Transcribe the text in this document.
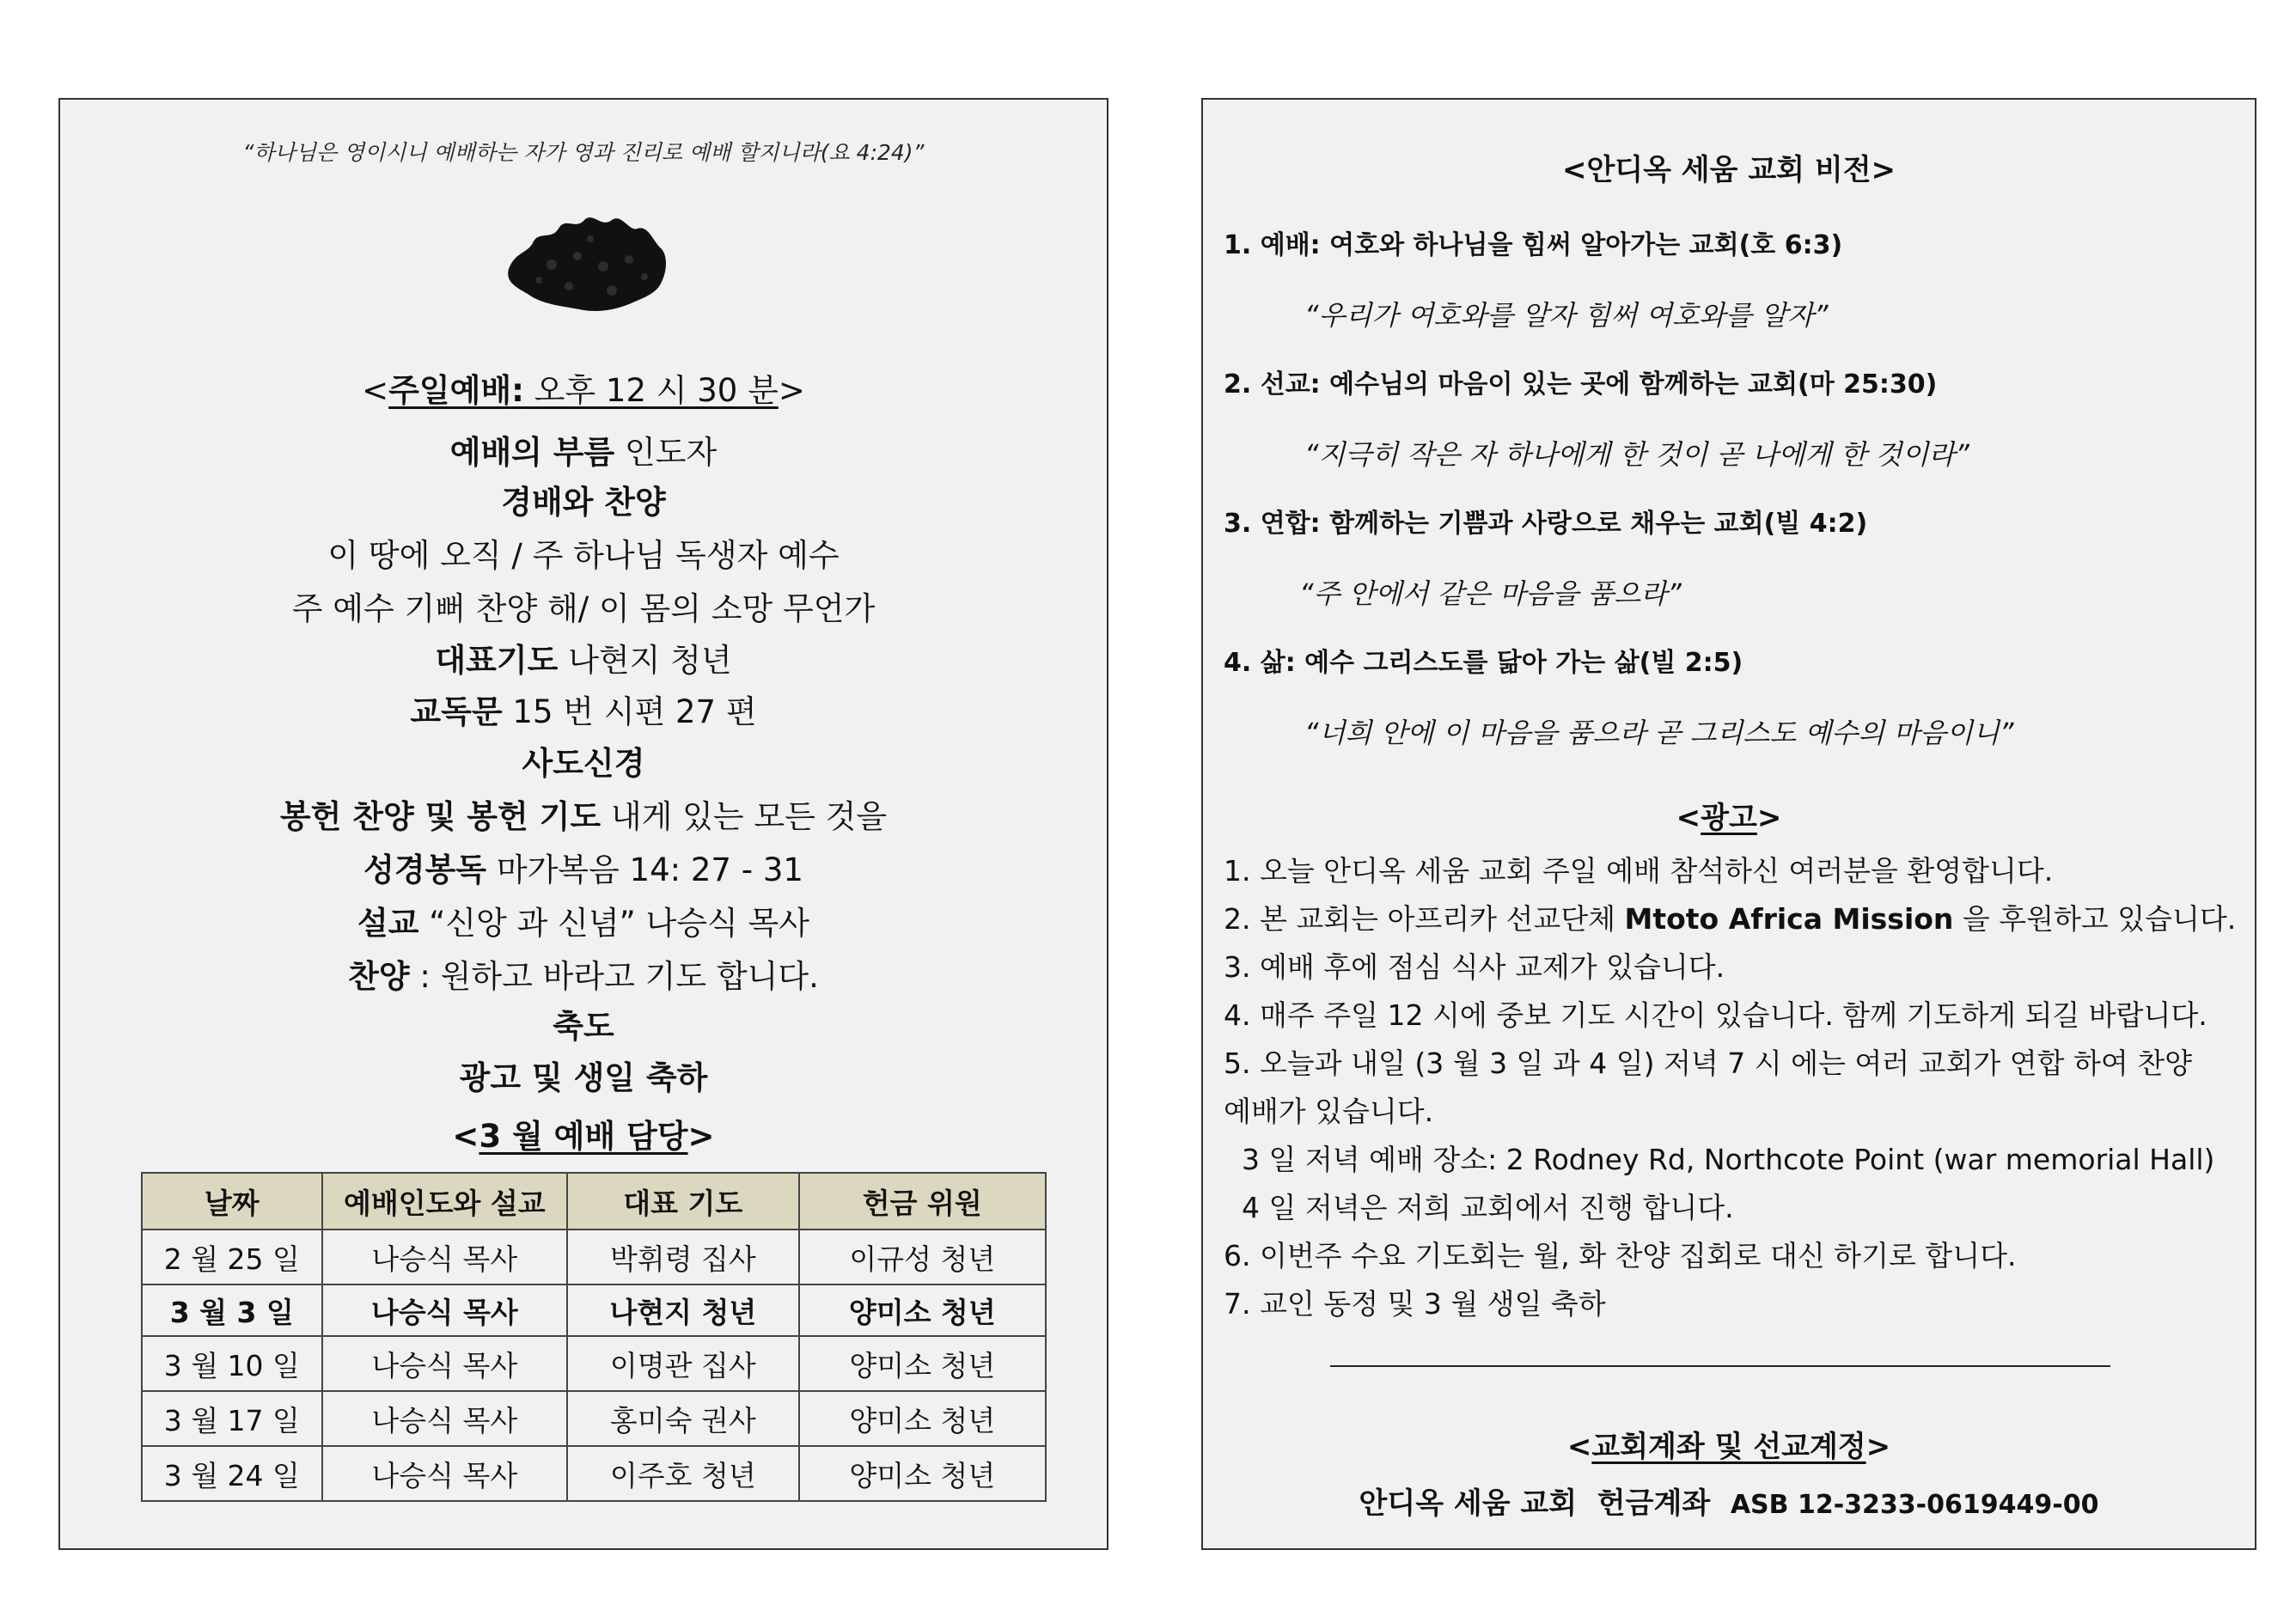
“하나님은 영이시니 예배하는 자가 영과 진리로 예배 할지니라(요 4:24)”
<주일예배: 오후 12 시 30 분>
예배의 부름 인도자
경배와 찬양
이 땅에 오직 / 주 하나님 독생자 예수
주 예수 기뻐 찬양 해/ 이 몸의 소망 무언가
대표기도 나현지 청년
교독문 15 번 시편 27 편
사도신경
봉헌 찬양 및 봉헌 기도 내게 있는 모든 것을
성경봉독 마가복음 14: 27 - 31
설교 “신앙 과 신념” 나승식 목사
찬양 : 원하고 바라고 기도 합니다.
축도
광고 및 생일 축하
<3 월 예배 담당>
날짜	예배인도와 설교	대표 기도	헌금 위원
2 월 25 일	나승식 목사	박휘령 집사	이규성 청년
3 월 3 일	나승식 목사	나현지 청년	양미소 청년
3 월 10 일	나승식 목사	이명관 집사	양미소 청년
3 월 17 일	나승식 목사	홍미숙 권사	양미소 청년
3 월 24 일	나승식 목사	이주호 청년	양미소 청년
<안디옥 세움 교회 비전>
1. 예배: 여호와 하나님을 힘써 알아가는 교회(호 6:3)
“우리가 여호와를 알자 힘써 여호와를 알자”
2. 선교: 예수님의 마음이 있는 곳에 함께하는 교회(마 25:30)
“지극히 작은 자 하나에게 한 것이 곧 나에게 한 것이라”
3. 연합: 함께하는 기쁨과 사랑으로 채우는 교회(빌 4:2)
“주 안에서 같은 마음을 품으라”
4. 삶: 예수 그리스도를 닮아 가는 삶(빌 2:5)
“너희 안에 이 마음을 품으라 곧 그리스도 예수의 마음이니”
<광고>
1. 오늘 안디옥 세움 교회 주일 예배 참석하신 여러분을 환영합니다.
2. 본 교회는 아프리카 선교단체 Mtoto Africa Mission 을 후원하고 있습니다.
3. 예배 후에 점심 식사 교제가 있습니다.
4. 매주 주일 12 시에 중보 기도 시간이 있습니다. 함께 기도하게 되길 바랍니다.
5. 오늘과 내일 (3 월 3 일 과 4 일) 저녁 7 시 에는 여러 교회가 연합 하여 찬양
예배가 있습니다.
3 일 저녁 예배 장소: 2 Rodney Rd, Northcote Point (war memorial Hall)
4 일 저녁은 저희 교회에서 진행 합니다.
6. 이번주 수요 기도회는 월, 화 찬양 집회로 대신 하기로 합니다.
7. 교인 동정 및 3 월 생일 축하
<교회계좌 및 선교계정>
안디옥 세움 교회  헌금계좌  ASB 12-3233-0619449-00
